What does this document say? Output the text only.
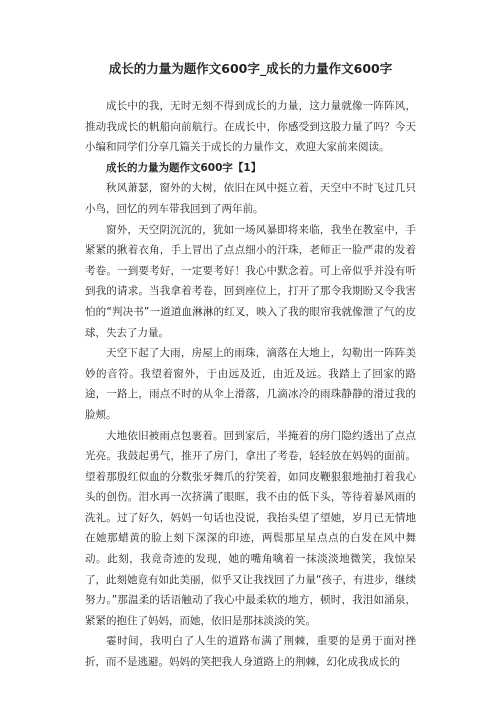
成长的力量为题作文600字_成长的力量作文600字

成长中的我，无时无刻不得到成长的力量，这力量就像一阵阵风，推动我成长的帆船向前航行。在成长中，你感受到这股力量了吗？今天小编和同学们分享几篇关于成长的力量作文，欢迎大家前来阅读。

成长的力量为题作文600字【1】

秋风萧瑟，窗外的大树，依旧在风中挺立着，天空中不时飞过几只小鸟，回忆的列车带我回到了两年前。

窗外，天空阴沉沉的，犹如一场风暴即将来临，我坐在教室中，手紧紧的揪着衣角，手上冒出了点点细小的汗珠，老师正一脸严肃的发着考卷。一到要考好，一定要考好！我心中默念着。可上帝似乎并没有听到我的请求。当我拿着考卷，回到座位上，打开了那令我期盼又令我害怕的“判决书”一道道血淋淋的红叉，映入了我的眼帘我就像泄了气的皮球，失去了力量。

天空下起了大雨，房屋上的雨珠，滴落在大地上，勾勒出一阵阵美妙的音符。我望着窗外，于由远及近，由近及远。我踏上了回家的路途，一路上，雨点不时的从伞上滑落，几滴冰冷的雨珠静静的滑过我的脸颊。

大地依旧被雨点包裹着。回到家后，半掩着的房门隐约透出了点点光亮。我鼓起勇气，推开了房门，拿出了考卷，轻轻放在妈妈的面前。望着那殷红似血的分数张牙舞爪的狞笑着，如同皮鞭狠狠地抽打着我心头的创伤。泪水再一次挤满了眼眶，我不由的低下头，等待着暴风雨的洗礼。过了好久，妈妈一句话也没说，我抬头望了望她，岁月已无情地在她那蜡黄的脸上刻下深深的印迹，两鬓那星星点点的白发在风中舞动。此刻，我竟奇迹的发现，她的嘴角噙着一抹淡淡地微笑，我惊呆了，此刻她竟有如此美丽，似乎又让我找回了力量“孩子，有进步，继续努力。”那温柔的话语触动了我心中最柔软的地方，顿时，我泪如涌泉，紧紧的抱住了妈妈，而她，依旧是那抹淡淡的笑。

霎时间，我明白了人生的道路布满了荆棘，重要的是勇于面对挫折，而不是逃避。妈妈的笑把我人身道路上的荆棘，幻化成我成长的
